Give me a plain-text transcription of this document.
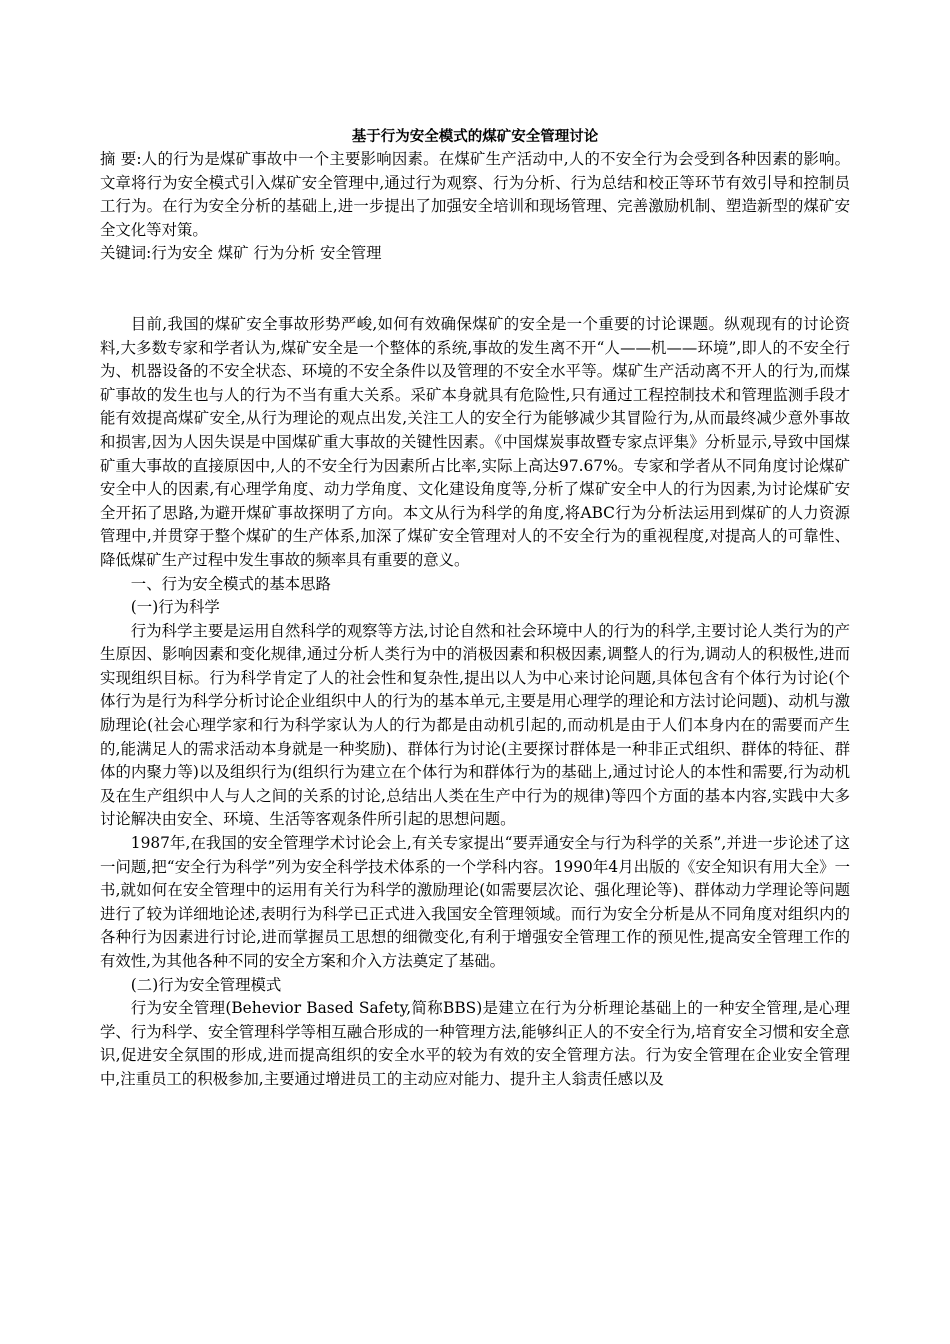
基于行为安全模式的煤矿安全管理讨论

摘 要:人的行为是煤矿事故中一个主要影响因素。在煤矿生产活动中,人的不安全行为会受到各种因素的影响。文章将行为安全模式引入煤矿安全管理中,通过行为观察、行为分析、行为总结和校正等环节有效引导和控制员工行为。在行为安全分析的基础上,进一步提出了加强安全培训和现场管理、完善激励机制、塑造新型的煤矿安全文化等对策。

关键词:行为安全 煤矿 行为分析 安全管理

目前,我国的煤矿安全事故形势严峻,如何有效确保煤矿的安全是一个重要的讨论课题。纵观现有的讨论资料,大多数专家和学者认为,煤矿安全是一个整体的系统,事故的发生离不开“人——机——环境”,即人的不安全行为、机器设备的不安全状态、环境的不安全条件以及管理的不安全水平等。煤矿生产活动离不开人的行为,而煤矿事故的发生也与人的行为不当有重大关系。采矿本身就具有危险性,只有通过工程控制技术和管理监测手段才能有效提高煤矿安全,从行为理论的观点出发,关注工人的安全行为能够减少其冒险行为,从而最终减少意外事故和损害,因为人因失误是中国煤矿重大事故的关键性因素。《中国煤炭事故暨专家点评集》分析显示,导致中国煤矿重大事故的直接原因中,人的不安全行为因素所占比率,实际上高达97.67%。专家和学者从不同角度讨论煤矿安全中人的因素,有心理学角度、动力学角度、文化建设角度等,分析了煤矿安全中人的行为因素,为讨论煤矿安全开拓了思路,为避开煤矿事故探明了方向。本文从行为科学的角度,将ABC行为分析法运用到煤矿的人力资源管理中,并贯穿于整个煤矿的生产体系,加深了煤矿安全管理对人的不安全行为的重视程度,对提高人的可靠性、降低煤矿生产过程中发生事故的频率具有重要的意义。

一、行为安全模式的基本思路

(一)行为科学

行为科学主要是运用自然科学的观察等方法,讨论自然和社会环境中人的行为的科学,主要讨论人类行为的产生原因、影响因素和变化规律,通过分析人类行为中的消极因素和积极因素,调整人的行为,调动人的积极性,进而实现组织目标。行为科学肯定了人的社会性和复杂性,提出以人为中心来讨论问题,具体包含有个体行为讨论(个体行为是行为科学分析讨论企业组织中人的行为的基本单元,主要是用心理学的理论和方法讨论问题)、动机与激励理论(社会心理学家和行为科学家认为人的行为都是由动机引起的,而动机是由于人们本身内在的需要而产生的,能满足人的需求活动本身就是一种奖励)、群体行为讨论(主要探讨群体是一种非正式组织、群体的特征、群体的内聚力等)以及组织行为(组织行为建立在个体行为和群体行为的基础上,通过讨论人的本性和需要,行为动机及在生产组织中人与人之间的关系的讨论,总结出人类在生产中行为的规律)等四个方面的基本内容,实践中大多讨论解决由安全、环境、生活等客观条件所引起的思想问题。

1987年,在我国的安全管理学术讨论会上,有关专家提出“要弄通安全与行为科学的关系”,并进一步论述了这一问题,把“安全行为科学”列为安全科学技术体系的一个学科内容。1990年4月出版的《安全知识有用大全》一书,就如何在安全管理中的运用有关行为科学的激励理论(如需要层次论、强化理论等)、群体动力学理论等问题进行了较为详细地论述,表明行为科学已正式进入我国安全管理领域。而行为安全分析是从不同角度对组织内的各种行为因素进行讨论,进而掌握员工思想的细微变化,有利于增强安全管理工作的预见性,提高安全管理工作的有效性,为其他各种不同的安全方案和介入方法奠定了基础。

(二)行为安全管理模式

行为安全管理(Behevior Based Safety,简称BBS)是建立在行为分析理论基础上的一种安全管理,是心理学、行为科学、安全管理科学等相互融合形成的一种管理方法,能够纠正人的不安全行为,培育安全习惯和安全意识,促进安全氛围的形成,进而提高组织的安全水平的较为有效的安全管理方法。行为安全管理在企业安全管理中,注重员工的积极参加,主要通过增进员工的主动应对能力、提升主人翁责任感以及
